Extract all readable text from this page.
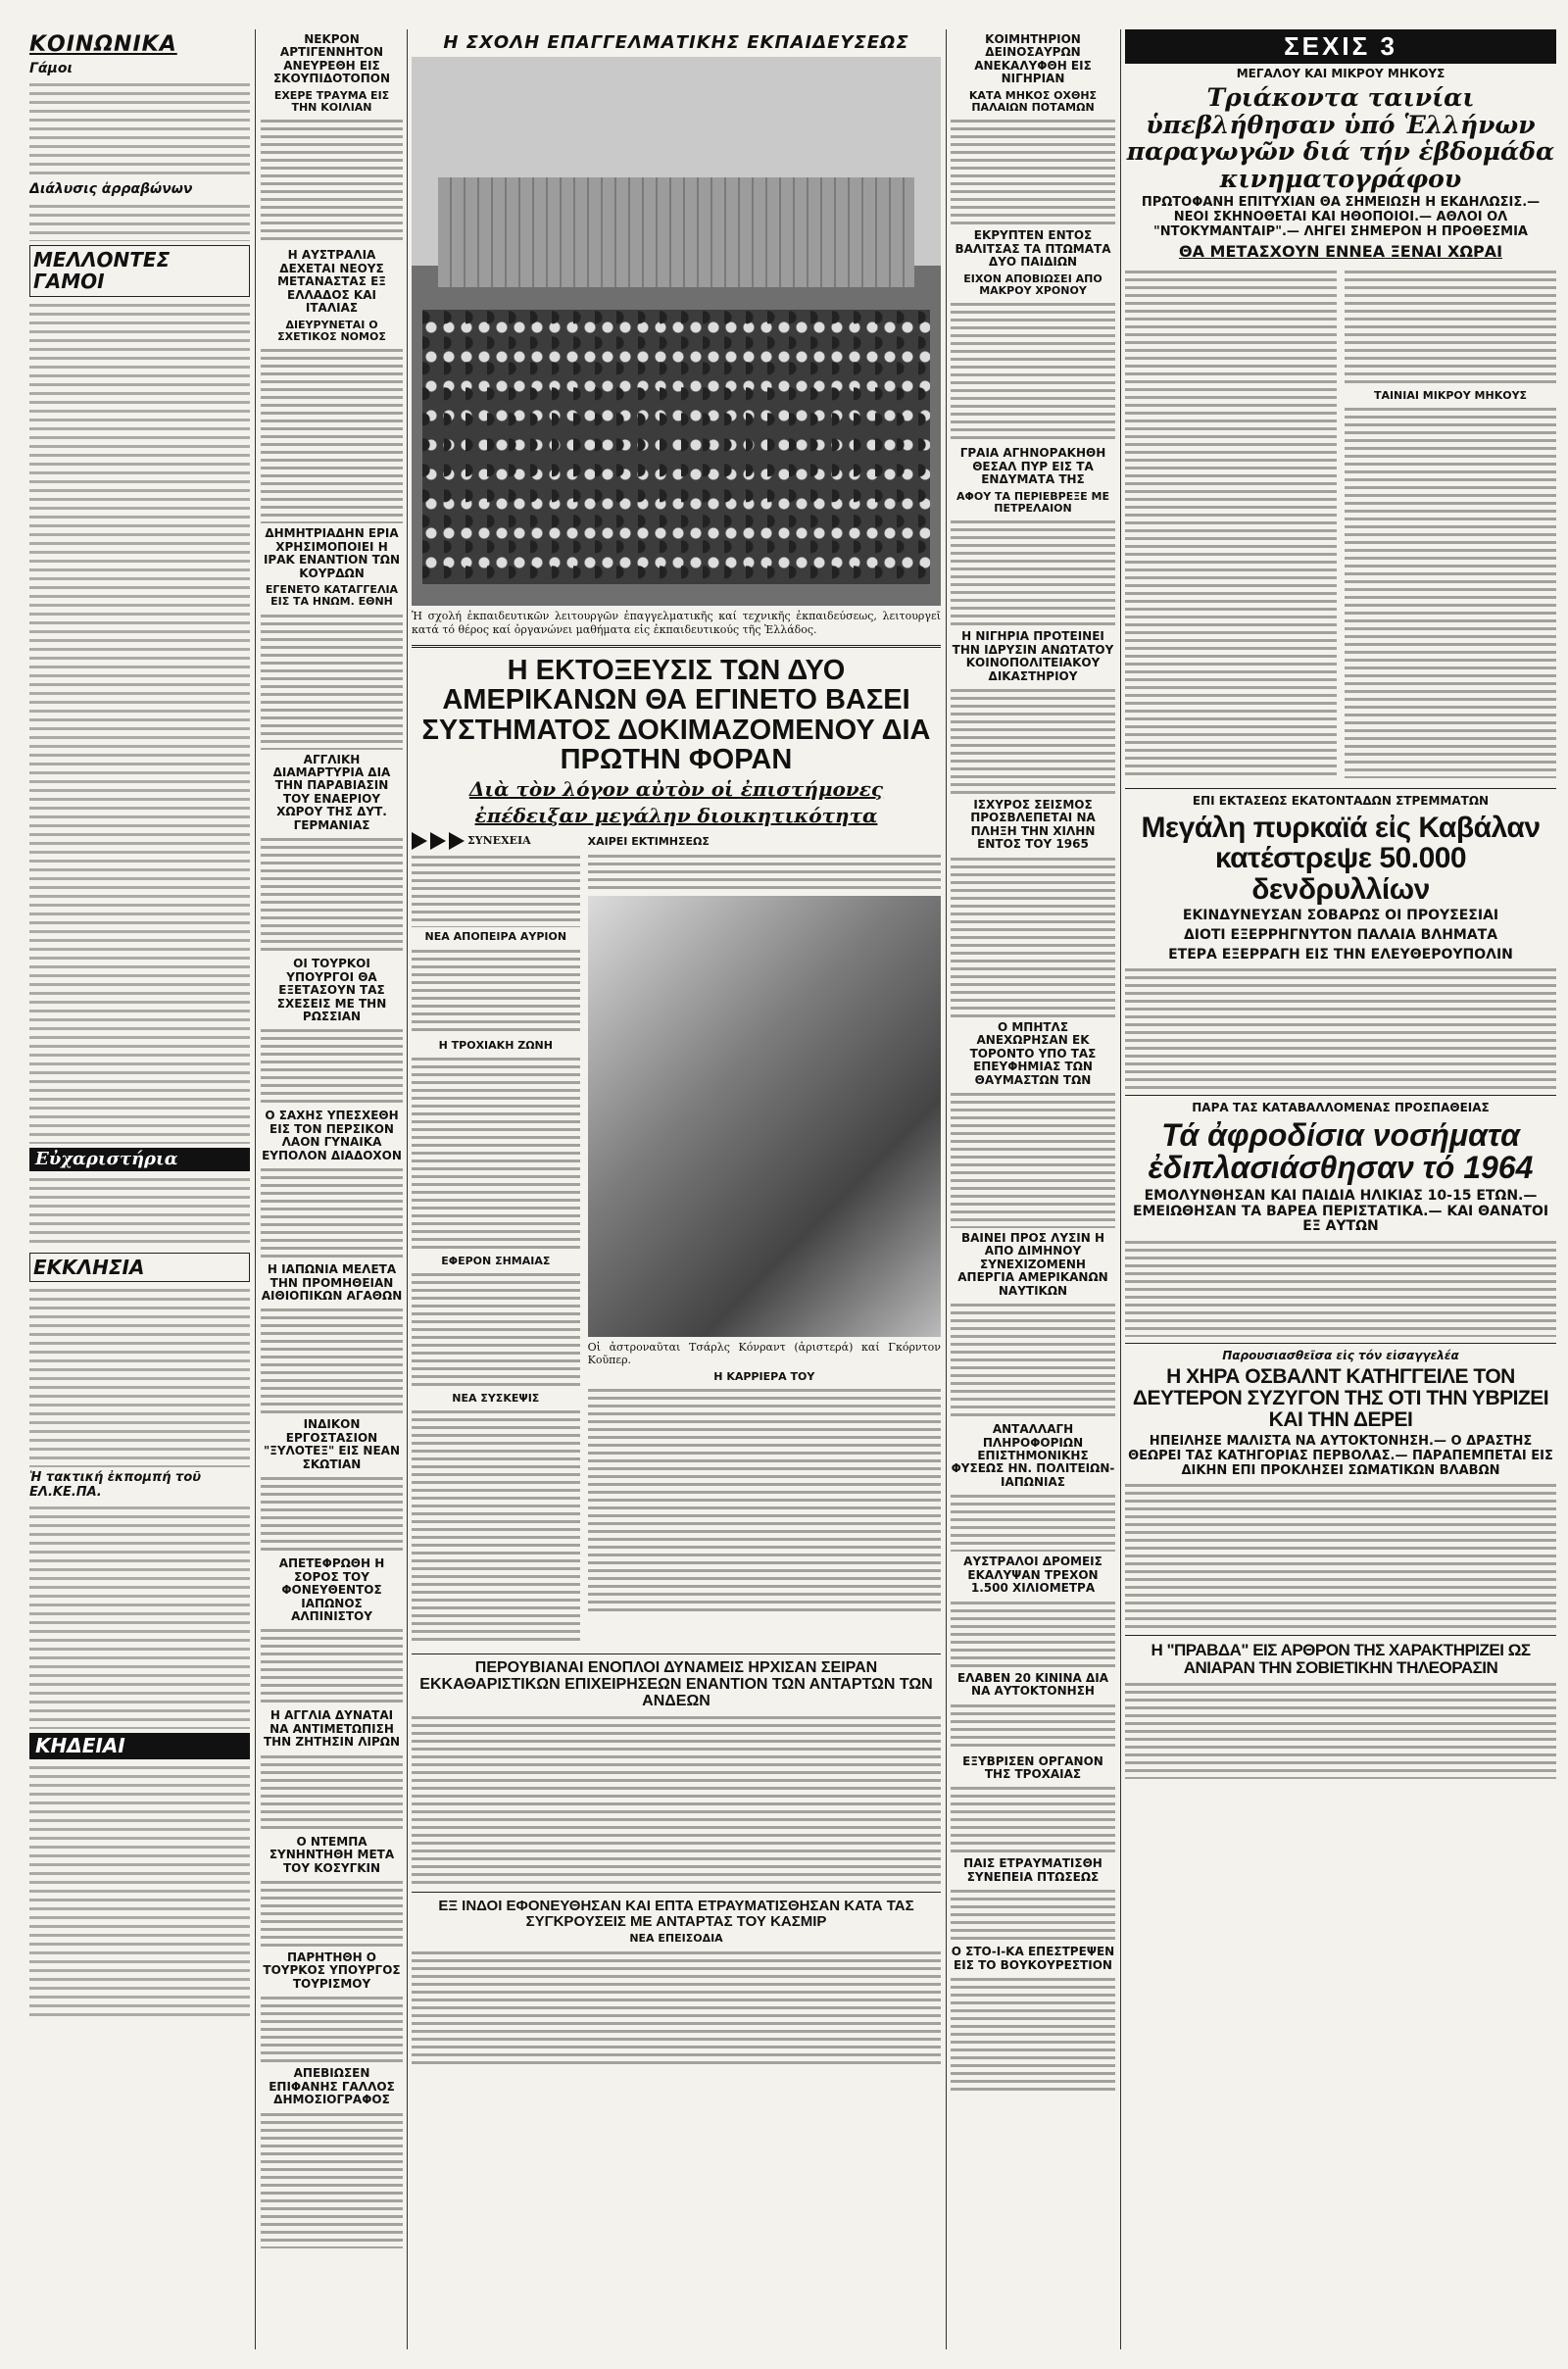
ΚΟΙΝΩΝΙΚΑ
Γάμοι
Διάλυσις ἀρραβώνων
ΜΕΛΛΟΝΤΕΣ ΓΑΜΟΙ
Εὐχαριστήρια
ΕΚΚΛΗΣΙΑ
Ἡ τακτική ἐκπομπή τοῦ ΕΛ.ΚΕ.ΠΑ.
ΚΗΔΕΙΑΙ
ΝΕΚΡΟΝ ΑΡΤΙΓΕΝΝΗΤΟΝ ΑΝΕΥΡΕΘΗ ΕΙΣ ΣΚΟΥΠΙΔΟΤΟΠΟΝ
ΕΧΕΡΕ ΤΡΑΥΜΑ ΕΙΣ ΤΗΝ ΚΟΙΛΙΑΝ
Η ΑΥΣΤΡΑΛΙΑ ΔΕΧΕΤΑΙ ΝΕΟΥΣ ΜΕΤΑΝΑΣΤΑΣ ΕΞ ΕΛΛΑΔΟΣ ΚΑΙ ΙΤΑΛΙΑΣ
ΔΙΕΥΡΥΝΕΤΑΙ Ο ΣΧΕΤΙΚΟΣ ΝΟΜΟΣ
ΔΗΜΗΤΡΙΑΔΗΝ ΕΡΙΑ ΧΡΗΣΙΜΟΠΟΙΕΙ Η ΙΡΑΚ ΕΝΑΝΤΙΟΝ ΤΩΝ ΚΟΥΡΔΩΝ
ΕΓΕΝΕΤΟ ΚΑΤΑΓΓΕΛΙΑ ΕΙΣ ΤΑ ΗΝΩΜ. ΕΘΝΗ
ΑΓΓΛΙΚΗ ΔΙΑΜΑΡΤΥΡΙΑ ΔΙΑ ΤΗΝ ΠΑΡΑΒΙΑΣΙΝ ΤΟΥ ΕΝΑΕΡΙΟΥ ΧΩΡΟΥ ΤΗΣ ΔΥΤ. ΓΕΡΜΑΝΙΑΣ
ΟΙ ΤΟΥΡΚΟΙ ΥΠΟΥΡΓΟΙ ΘΑ ΕΞΕΤΑΣΟΥΝ ΤΑΣ ΣΧΕΣΕΙΣ ΜΕ ΤΗΝ ΡΩΣΣΙΑΝ
Ο ΣΑΧΗΣ ΥΠΕΣΧΕΘΗ ΕΙΣ ΤΟΝ ΠΕΡΣΙΚΟΝ ΛΑΟΝ ΓΥΝΑΙΚΑ ΕΥΠΟΛΟΝ ΔΙΑΔΟΧΟΝ
Η ΙΑΠΩΝΙΑ ΜΕΛΕΤΑ ΤΗΝ ΠΡΟΜΗΘΕΙΑΝ ΑΙΘΙΟΠΙΚΩΝ ΑΓΑΘΩΝ
ΙΝΔΙΚΟΝ ΕΡΓΟΣΤΑΣΙΟΝ "ΞΥΛΟΤΕΞ" ΕΙΣ ΝΕΑΝ ΣΚΩΤΙΑΝ
ΑΠΕΤΕΦΡΩΘΗ Η ΣΟΡΟΣ ΤΟΥ ΦΟΝΕΥΘΕΝΤΟΣ ΙΑΠΩΝΟΣ ΑΛΠΙΝΙΣΤΟΥ
Η ΑΓΓΛΙΑ ΔΥΝΑΤΑΙ ΝΑ ΑΝΤΙΜΕΤΩΠΙΣΗ ΤΗΝ ΖΗΤΗΣΙΝ ΛΙΡΩΝ
Ο ΝΤΕΜΠΑ ΣΥΝΗΝΤΗΘΗ ΜΕΤΑ ΤΟΥ ΚΟΣΥΓΚΙΝ
ΠΑΡΗΤΗΘΗ Ο ΤΟΥΡΚΟΣ ΥΠΟΥΡΓΟΣ ΤΟΥΡΙΣΜΟΥ
ΑΠΕΒΙΩΣΕΝ ΕΠΙΦΑΝΗΣ ΓΑΛΛΟΣ ΔΗΜΟΣΙΟΓΡΑΦΟΣ
Η ΣΧΟΛΗ ΕΠΑΓΓΕΛΜΑΤΙΚΗΣ ΕΚΠΑΙΔΕΥΣΕΩΣ
Ἡ σχολή ἐκπαιδευτικῶν λειτουργῶν ἐπαγγελματικῆς καί τεχνικῆς ἐκπαιδεύσεως, λειτουργεῖ κατά τό θέρος καί ὀργανώνει μαθήματα εἰς ἐκπαιδευτικούς τῆς Ἑλλάδος.
Η ΕΚΤΟΞΕΥΣΙΣ ΤΩΝ ΔΥΟ ΑΜΕΡΙΚΑΝΩΝ ΘΑ ΕΓΙΝΕΤΟ ΒΑΣΕΙ ΣΥΣΤΗΜΑΤΟΣ ΔΟΚΙΜΑΖΟΜΕΝΟΥ ΔΙΑ ΠΡΩΤΗΝ ΦΟΡΑΝ
Διὰ τὸν λόγον αὐτὸν οἱ ἐπιστήμονες
ἐπέδειξαν μεγάλην διοικητικότητα
ΣΥΝΕΧΕΙΑ
ΝΕΑ ΑΠΟΠΕΙΡΑ ΑΥΡΙΟΝ
Η ΤΡΟΧΙΑΚΗ ΖΩΝΗ
ΕΦΕΡΟΝ ΣΗΜΑΙΑΣ
ΝΕΑ ΣΥΣΚΕΨΙΣ
ΧΑΙΡΕΙ ΕΚΤΙΜΗΣΕΩΣ
Οἱ ἀστροναῦται Τσάρλς Κόνραντ (ἀριστερά) καί Γκόρντον Κοῦπερ.
Η ΚΑΡΡΙΕΡΑ ΤΟΥ
ΠΕΡΟΥΒΙΑΝΑΙ ΕΝΟΠΛΟΙ ΔΥΝΑΜΕΙΣ ΗΡΧΙΣΑΝ ΣΕΙΡΑΝ ΕΚΚΑΘΑΡΙΣΤΙΚΩΝ ΕΠΙΧΕΙΡΗΣΕΩΝ ΕΝΑΝΤΙΟΝ ΤΩΝ ΑΝΤΑΡΤΩΝ ΤΩΝ ΑΝΔΕΩΝ
ΕΞ ΙΝΔΟΙ ΕΦΟΝΕΥΘΗΣΑΝ ΚΑΙ ΕΠΤΑ ΕΤΡΑΥΜΑΤΙΣΘΗΣΑΝ ΚΑΤΑ ΤΑΣ ΣΥΓΚΡΟΥΣΕΙΣ ΜΕ ΑΝΤΑΡΤΑΣ ΤΟΥ ΚΑΣΜΙΡ
ΝΕΑ ΕΠΕΙΣΟΔΙΑ
ΚΟΙΜΗΤΗΡΙΟΝ ΔΕΙΝΟΣΑΥΡΩΝ ΑΝΕΚΑΛΥΦΘΗ ΕΙΣ ΝΙΓΗΡΙΑΝ
ΚΑΤΑ ΜΗΚΟΣ ΟΧΘΗΣ ΠΑΛΑΙΩΝ ΠΟΤΑΜΩΝ
ΕΚΡΥΠΤΕΝ ΕΝΤΟΣ ΒΑΛΙΤΣΑΣ ΤΑ ΠΤΩΜΑΤΑ ΔΥΟ ΠΑΙΔΙΩΝ
ΕΙΧΟΝ ΑΠΟΒΙΩΣΕΙ ΑΠΟ ΜΑΚΡΟΥ ΧΡΟΝΟΥ
ΓΡΑΙΑ ΑΓΗΝΟΡΑΚΗΘΗ ΘΕΣΑΛ ΠΥΡ ΕΙΣ ΤΑ ΕΝΔΥΜΑΤΑ ΤΗΣ
ΑΦΟΥ ΤΑ ΠΕΡΙΕΒΡΕΞΕ ΜΕ ΠΕΤΡΕΛΑΙΟΝ
Η ΝΙΓΗΡΙΑ ΠΡΟΤΕΙΝΕΙ ΤΗΝ ΙΔΡΥΣΙΝ ΑΝΩΤΑΤΟΥ ΚΟΙΝΟΠΟΛΙΤΕΙΑΚΟΥ ΔΙΚΑΣΤΗΡΙΟΥ
ΙΣΧΥΡΟΣ ΣΕΙΣΜΟΣ ΠΡΟΣΒΛΕΠΕΤΑΙ ΝΑ ΠΛΗΞΗ ΤΗΝ ΧΙΛΗΝ ΕΝΤΟΣ ΤΟΥ 1965
Ο ΜΠΗΤΛΣ ΑΝΕΧΩΡΗΣΑΝ ΕΚ ΤΟΡΟΝΤΟ ΥΠΟ ΤΑΣ ΕΠΕΥΦΗΜΙΑΣ ΤΩΝ ΘΑΥΜΑΣΤΩΝ ΤΩΝ
ΒΑΙΝΕΙ ΠΡΟΣ ΛΥΣΙΝ Η ΑΠΟ ΔΙΜΗΝΟΥ ΣΥΝΕΧΙΖΟΜΕΝΗ ΑΠΕΡΓΙΑ ΑΜΕΡΙΚΑΝΩΝ ΝΑΥΤΙΚΩΝ
ΑΝΤΑΛΛΑΓΗ ΠΛΗΡΟΦΟΡΙΩΝ ΕΠΙΣΤΗΜΟΝΙΚΗΣ ΦΥΣΕΩΣ ΗΝ. ΠΟΛΙΤΕΙΩΝ-ΙΑΠΩΝΙΑΣ
ΑΥΣΤΡΑΛΟΙ ΔΡΟΜΕΙΣ ΕΚΑΛΥΨΑΝ ΤΡΕΧΟΝ 1.500 ΧΙΛΙΟΜΕΤΡΑ
ΕΛΑΒΕΝ 20 ΚΙΝΙΝΑ ΔΙΑ ΝΑ ΑΥΤΟΚΤΟΝΗΣΗ
ΕΞΥΒΡΙΣΕΝ ΟΡΓΑΝΟΝ ΤΗΣ ΤΡΟΧΑΙΑΣ
ΠΑΙΣ ΕΤΡΑΥΜΑΤΙΣΘΗ ΣΥΝΕΠΕΙΑ ΠΤΩΣΕΩΣ
Ο ΣΤΟ-Ι-ΚΑ ΕΠΕΣΤΡΕΨΕΝ ΕΙΣ ΤΟ ΒΟΥΚΟΥΡΕΣΤΙΟΝ
ΣΕΧΙΣ 3
ΜΕΓΑΛΟΥ ΚΑΙ ΜΙΚΡΟΥ ΜΗΚΟΥΣ
Τριάκοντα ταινίαι ὑπεβλήθησαν ὑπό Ἑλλήνων παραγωγῶν διά τήν ἑβδομάδα κινηματογράφου
ΠΡΩΤΟΦΑΝΗ ΕΠΙΤΥΧΙΑΝ ΘΑ ΣΗΜΕΙΩΣΗ Η ΕΚΔΗΛΩΣΙΣ.— ΝΕΟΙ ΣΚΗΝΟΘΕΤΑΙ ΚΑΙ ΗΘΟΠΟΙΟΙ.— ΑΘΛΟΙ ΟΛ "ΝΤΟΚΥΜΑΝΤΑΙΡ".— ΛΗΓΕΙ ΣΗΜΕΡΟΝ Η ΠΡΟΘΕΣΜΙΑ
ΘΑ ΜΕΤΑΣΧΟΥΝ ΕΝΝΕΑ ΞΕΝΑΙ ΧΩΡΑΙ
ΤΑΙΝΙΑΙ ΜΙΚΡΟΥ ΜΗΚΟΥΣ
ΕΠΙ ΕΚΤΑΣΕΩΣ ΕΚΑΤΟΝΤΑΔΩΝ ΣΤΡΕΜΜΑΤΩΝ
Μεγάλη πυρκαϊά εἰς Καβάλαν κατέστρεψε 50.000 δενδρυλλίων
ΕΚΙΝΔΥΝΕΥΣΑΝ ΣΟΒΑΡΩΣ ΟΙ ΠΡΟΥΣΕΣΙΑΙ
ΔΙΟΤΙ ΕΞΕΡΡΗΓΝΥΤΟΝ ΠΑΛΑΙΑ ΒΛΗΜΑΤΑ
ΕΤΕΡΑ ΕΞΕΡΡΑΓΗ ΕΙΣ ΤΗΝ ΕΛΕΥΘΕΡΟΥΠΟΛΙΝ
ΠΑΡΑ ΤΑΣ ΚΑΤΑΒΑΛΛΟΜΕΝΑΣ ΠΡΟΣΠΑΘΕΙΑΣ
Τά ἀφροδίσια νοσήματα ἐδιπλασιάσθησαν τό 1964
ΕΜΟΛΥΝΘΗΣΑΝ ΚΑΙ ΠΑΙΔΙΑ ΗΛΙΚΙΑΣ 10-15 ΕΤΩΝ.— ΕΜΕΙΩΘΗΣΑΝ ΤΑ ΒΑΡΕΑ ΠΕΡΙΣΤΑΤΙΚΑ.— ΚΑΙ ΘΑΝΑΤΟΙ ΕΞ ΑΥΤΩΝ
Παρουσιασθεῖσα εἰς τόν εἰσαγγελέα
Η ΧΗΡΑ ΟΣΒΑΛΝΤ ΚΑΤΗΓΓΕΙΛΕ ΤΟΝ ΔΕΥΤΕΡΟΝ ΣΥΖΥΓΟΝ ΤΗΣ ΟΤΙ ΤΗΝ ΥΒΡΙΖΕΙ ΚΑΙ ΤΗΝ ΔΕΡΕΙ
ΗΠΕΙΛΗΣΕ ΜΑΛΙΣΤΑ ΝΑ ΑΥΤΟΚΤΟΝΗΣΗ.— Ο ΔΡΑΣΤΗΣ ΘΕΩΡΕΙ ΤΑΣ ΚΑΤΗΓΟΡΙΑΣ ΠΕΡΒΟΛΑΣ.— ΠΑΡΑΠΕΜΠΕΤΑΙ ΕΙΣ ΔΙΚΗΝ ΕΠΙ ΠΡΟΚΛΗΣΕΙ ΣΩΜΑΤΙΚΩΝ ΒΛΑΒΩΝ
Η "ΠΡΑΒΔΑ" ΕΙΣ ΑΡΘΡΟΝ ΤΗΣ ΧΑΡΑΚΤΗΡΙΖΕΙ ΩΣ ΑΝΙΑΡΑΝ ΤΗΝ ΣΟΒΙΕΤΙΚΗΝ ΤΗΛΕΟΡΑΣΙΝ
